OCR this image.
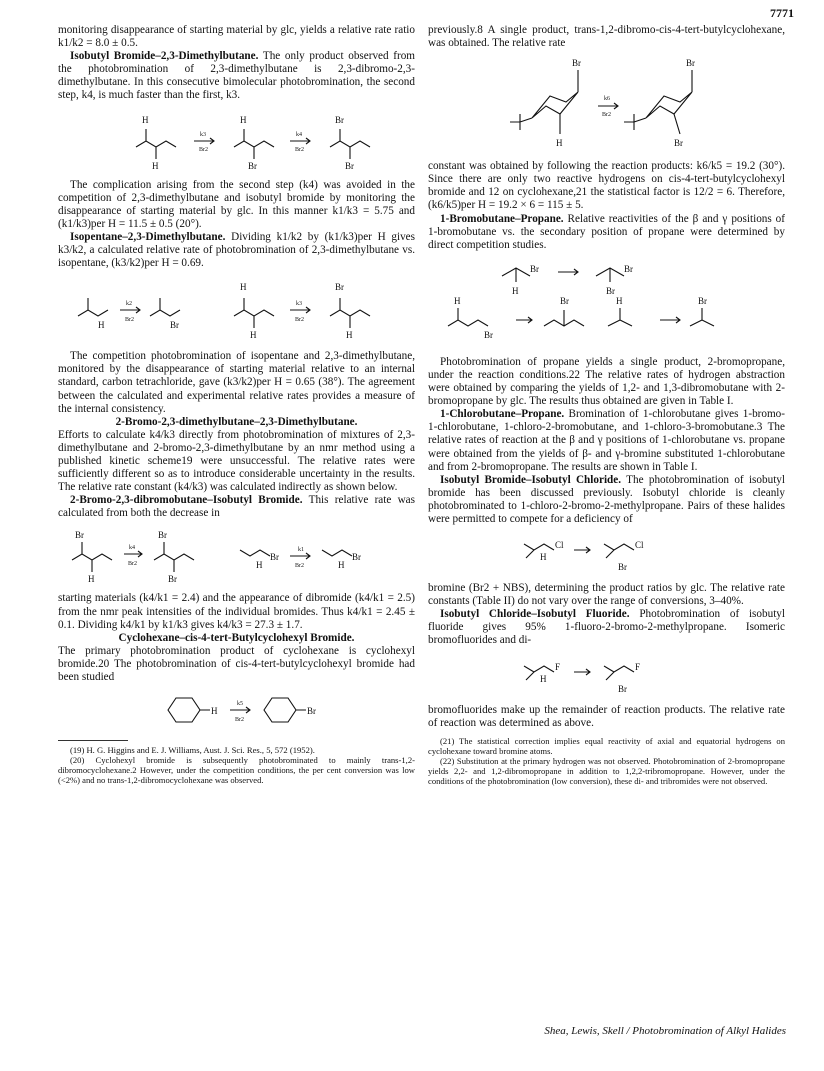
7771

monitoring disappearance of starting material by glc, yields a relative rate ratio k1/k2 = 8.0 ± 0.5.

Isobutyl Bromide–2,3-Dimethylbutane. The only product observed from the photobromination of 2,3-dimethylbutane is 2,3-dibromo-2,3-dimethylbutane. In this consecutive bimolecular photobromination, the second step, k4, is much faster than the first, k3.

H
H
H
Br
Br
Br
k3
Br2
k4
Br2

The complication arising from the second step (k4) was avoided in the competition of 2,3-dimethylbutane and isobutyl bromide by monitoring the disappearance of starting material by glc. In this manner k1/k3 = 5.75 and (k1/k3)per H = 11.5 ± 0.5 (20°).

Isopentane–2,3-Dimethylbutane. Dividing k1/k2 by (k1/k3)per H gives k3/k2, a calculated relative rate of photobromination of 2,3-dimethylbutane vs. isopentane, (k3/k2)per H = 0.69.

H	Br
k2
Br2
H
H
Br
H
k3
Br2

The competition photobromination of isopentane and 2,3-dimethylbutane, monitored by the disappearance of starting material relative to an internal standard, carbon tetrachloride, gave (k3/k2)per H = 0.65 (38°). The agreement between the calculated and experimental relative rates provides a measure of the internal consistency.

2-Bromo-2,3-dimethylbutane–2,3-Dimethylbutane.

Efforts to calculate k4/k3 directly from photobromination of mixtures of 2,3-dimethylbutane and 2-bromo-2,3-dimethylbutane by an nmr method using a published kinetic scheme19 were unsuccessful. The relative rates were sufficiently different so as to introduce considerable uncertainty in the results. The relative rate constant (k4/k3) was calculated indirectly as shown below.

2-Bromo-2,3-dibromobutane–Isobutyl Bromide. This relative rate was calculated from both the decrease in

Br
H
Br
Br
k4
Br2	H
Br
k1
Br2	H
Br

starting materials (k4/k1 = 2.4) and the appearance of dibromide (k4/k1 = 2.5) from the nmr peak intensities of the individual bromides. Thus k4/k1 = 2.45 ± 0.1. Dividing k4/k1 by k1/k3 gives k4/k3 = 27.3 ± 1.7.

Cyclohexane–cis-4-tert-Butylcyclohexyl Bromide.

The primary photobromination product of cyclohexane is cyclohexyl bromide.20 The photobromination of cis-4-tert-butylcyclohexyl bromide had been studied

H	Br
k5
Br2

(19) H. G. Higgins and E. J. Williams, Aust. J. Sci. Res., 5, 572 (1952).

(20) Cyclohexyl bromide is subsequently photobrominated to mainly trans-1,2-dibromocyclohexane.2 However, under the competition conditions, the per cent conversion was low (<2%) and no trans-1,2-dibromocyclohexane was observed.

previously.8 A single product, trans-1,2-dibromo-cis-4-tert-butylcyclohexane, was obtained. The relative rate

Br
H
k6
Br2
Br
Br

constant was obtained by following the reaction products: k6/k5 = 19.2 (30°). Since there are only two reactive hydrogens on cis-4-tert-butylcyclohexyl bromide and 12 on cyclohexane,21 the statistical factor is 12/2 = 6. Therefore, (k6/k5)per H = 19.2 × 6 = 115 ± 5.

1-Bromobutane–Propane. Relative reactivities of the β and γ positions of 1-bromobutane vs. the secondary position of propane were determined by direct competition studies.

Br
H
Br
Br
H
Br
Br	H	Br

Photobromination of propane yields a single product, 2-bromopropane, under the reaction conditions.22 The relative rates of hydrogen abstraction were obtained by comparing the yields of 1,2- and 1,3-dibromobutane with 2-bromopropane by glc. The results thus obtained are given in Table I.

1-Chlorobutane–Propane. Bromination of 1-chlorobutane gives 1-bromo-1-chlorobutane, 1-chloro-2-bromobutane, and 1-chloro-3-bromobutane.3 The relative rates of reaction at the β and γ positions of 1-chlorobutane vs. propane were obtained from the yields of β- and γ-bromine substituted 1-chlorobutane and from 2-bromopropane. The results are shown in Table I.

Isobutyl Bromide–Isobutyl Chloride. The photobromination of isobutyl bromide has been discussed previously. Isobutyl chloride is cleanly photobrominated to 1-chloro-2-bromo-2-methylpropane. Pairs of these halides were permitted to compete for a deficiency of

H
Cl
Br
Cl

bromine (Br2 + NBS), determining the product ratios by glc. The relative rate constants (Table II) do not vary over the range of conversions, 3–40%.

Isobutyl Chloride–Isobutyl Fluoride. Photobromination of isobutyl fluoride gives 95% 1-fluoro-2-bromo-2-methylpropane. Isomeric bromofluorides and di-

H
F
Br
F

bromofluorides make up the remainder of reaction products. The relative rate of reaction was determined as above.

(21) The statistical correction implies equal reactivity of axial and equatorial hydrogens on cyclohexane toward bromine atoms.

(22) Substitution at the primary hydrogen was not observed. Photobromination of 2-bromopropane yields 2,2- and 1,2-dibromopropane in addition to 1,2,2-tribromopropane. However, under the conditions of the photobromination (low conversion), these di- and tribromides were not observed.

Shea, Lewis, Skell / Photobromination of Alkyl Halides
